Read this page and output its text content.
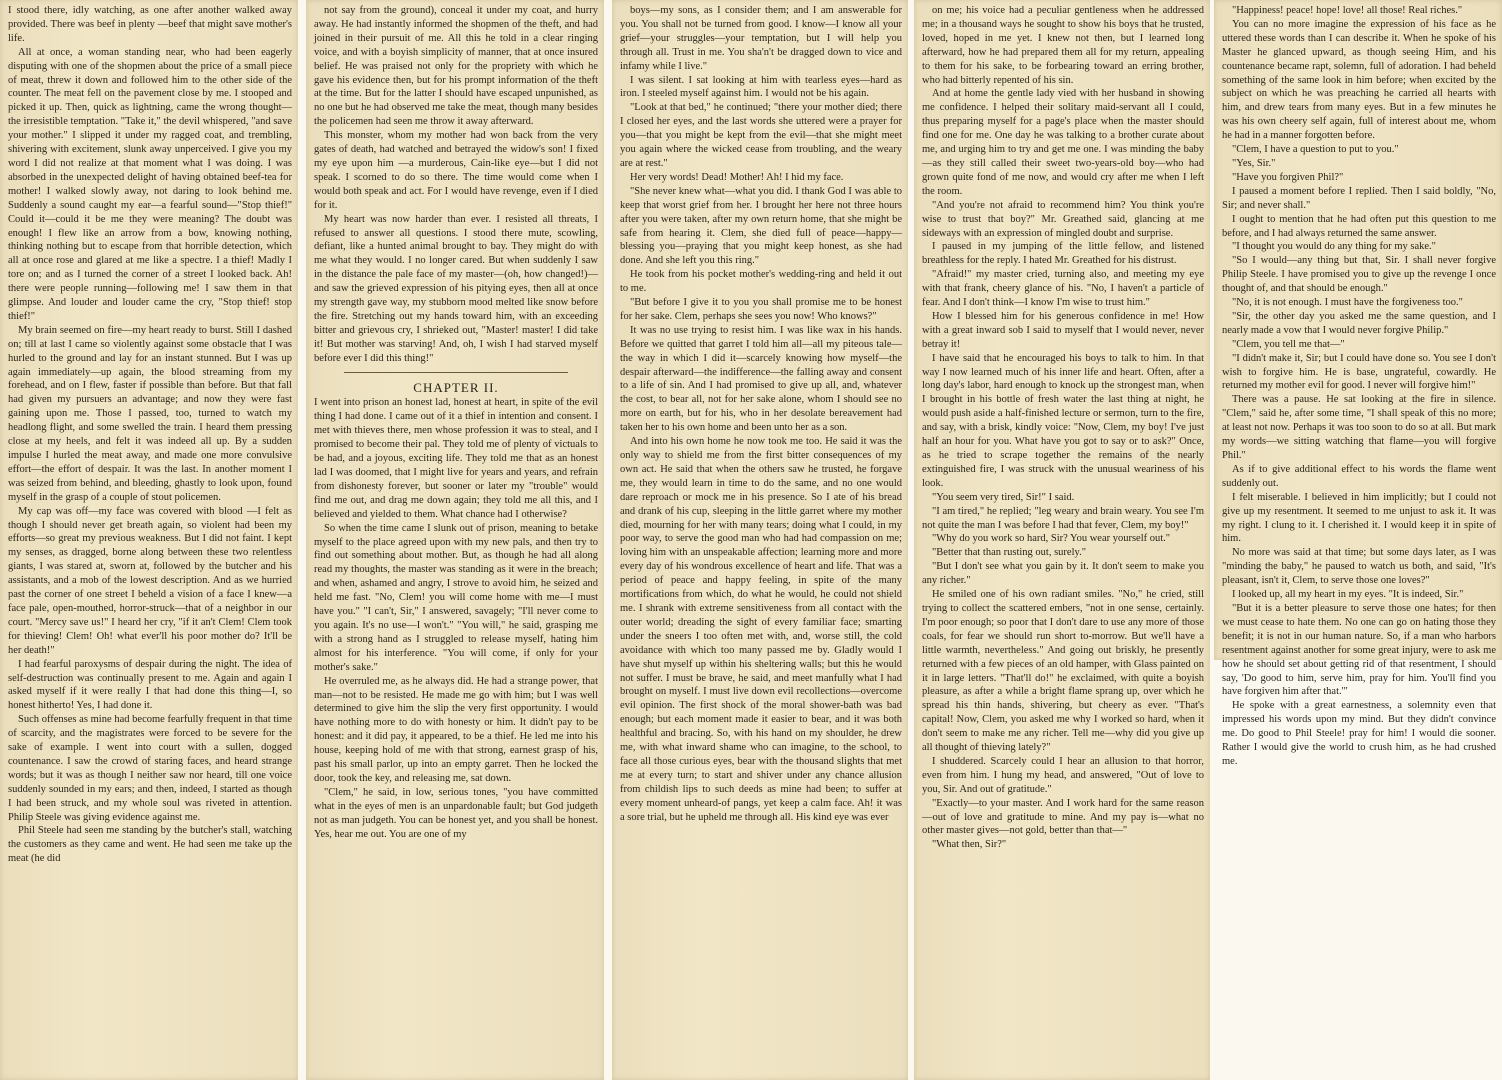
I stood there, idly watching, as one after another walked away provided. There was beef in plenty —beef that might save mother's life.

All at once, a woman standing near, who had been eagerly disputing with one of the shopmen about the price of a small piece of meat, threw it down and followed him to the other side of the counter. The meat fell on the pavement close by me. I stooped and picked it up. Then, quick as lightning, came the wrong thought—the irresistible temptation. "Take it," the devil whispered, "and save your mother." I slipped it under my ragged coat, and trembling, shivering with excitement, slunk away unperceived. I give you my word I did not realize at that moment what I was doing. I was absorbed in the unexpected delight of having obtained beef-tea for mother! I walked slowly away, not daring to look behind me. Suddenly a sound caught my ear—a fearful sound—"Stop thief!" Could it—could it be me they were meaning? The doubt was enough! I flew like an arrow from a bow, knowing nothing, thinking nothing but to escape from that horrible detection, which all at once rose and glared at me like a spectre. I a thief! Madly I tore on; and as I turned the corner of a street I looked back. Ah! there were people running—following me! I saw them in that glimpse. And louder and louder came the cry, "Stop thief! stop thief!"

My brain seemed on fire—my heart ready to burst. Still I dashed on; till at last I came so violently against some obstacle that I was hurled to the ground and lay for an instant stunned. But I was up again immediately—up again, the blood streaming from my forehead, and on I flew, faster if possible than before. But that fall had given my pursuers an advantage; and now they were fast gaining upon me. Those I passed, too, turned to watch my headlong flight, and some swelled the train. I heard them pressing close at my heels, and felt it was indeed all up. By a sudden impulse I hurled the meat away, and made one more convulsive effort—the effort of despair. It was the last. In another moment I was seized from behind, and bleeding, ghastly to look upon, found myself in the grasp of a couple of stout policemen.

My cap was off—my face was covered with blood —I felt as though I should never get breath again, so violent had been my efforts—so great my previous weakness. But I did not faint. I kept my senses, as dragged, borne along between these two relentless giants, I was stared at, sworn at, followed by the butcher and his assistants, and a mob of the lowest description. And as we hurried past the corner of one street I beheld a vision of a face I knew—a face pale, open-mouthed, horror-struck—that of a neighbor in our court. "Mercy save us!" I heard her cry, "if it an't Clem! Clem took for thieving! Clem! Oh! what ever'll his poor mother do? It'll be her death!"

I had fearful paroxysms of despair during the night. The idea of self-destruction was continually present to me. Again and again I asked myself if it were really I that had done this thing—I, so honest hitherto! Yes, I had done it.

Such offenses as mine had become fearfully frequent in that time of scarcity, and the magistrates were forced to be severe for the sake of example. I went into court with a sullen, dogged countenance. I saw the crowd of staring faces, and heard strange words; but it was as though I neither saw nor heard, till one voice suddenly sounded in my ears; and then, indeed, I started as though I had been struck, and my whole soul was riveted in attention. Philip Steele was giving evidence against me.

Phil Steele had seen me standing by the butcher's stall, watching the customers as they came and went. He had seen me take up the meat (he did

not say from the ground), conceal it under my coat, and hurry away. He had instantly informed the shopmen of the theft, and had joined in their pursuit of me. All this he told in a clear ringing voice, and with a boyish simplicity of manner, that at once insured belief. He was praised not only for the propriety with which he gave his evidence then, but for his prompt information of the theft at the time. But for the latter I should have escaped unpunished, as no one but he had observed me take the meat, though many besides the policemen had seen me throw it away afterward.

This monster, whom my mother had won back from the very gates of death, had watched and betrayed the widow's son! I fixed my eye upon him —a murderous, Cain-like eye—but I did not speak. I scorned to do so there. The time would come when I would both speak and act. For I would have revenge, even if I died for it.

My heart was now harder than ever. I resisted all threats, I refused to answer all questions. I stood there mute, scowling, defiant, like a hunted animal brought to bay. They might do with me what they would. I no longer cared. But when suddenly I saw in the distance the pale face of my master—(oh, how changed!)—and saw the grieved expression of his pitying eyes, then all at once my strength gave way, my stubborn mood melted like snow before the fire. Stretching out my hands toward him, with an exceeding bitter and grievous cry, I shrieked out, "Master! master! I did take it! But mother was starving! And, oh, I wish I had starved myself before ever I did this thing!"

CHAPTER II.

I went into prison an honest lad, honest at heart, in spite of the evil thing I had done. I came out of it a thief in intention and consent. I met with thieves there, men whose profession it was to steal, and I promised to become their pal. They told me of plenty of victuals to be had, and a joyous, exciting life. They told me that as an honest lad I was doomed, that I might live for years and years, and refrain from dishonesty forever, but sooner or later my "trouble" would find me out, and drag me down again; they told me all this, and I believed and yielded to them. What chance had I otherwise?

So when the time came I slunk out of prison, meaning to betake myself to the place agreed upon with my new pals, and then try to find out something about mother. But, as though he had all along read my thoughts, the master was standing as it were in the breach; and when, ashamed and angry, I strove to avoid him, he seized and held me fast. "No, Clem! you will come home with me—I must have you." "I can't, Sir," I answered, savagely; "I'll never come to you again. It's no use—I won't." "You will," he said, grasping me with a strong hand as I struggled to release myself, hating him almost for his interference. "You will come, if only for your mother's sake."

He overruled me, as he always did. He had a strange power, that man—not to be resisted. He made me go with him; but I was well determined to give him the slip the very first opportunity. I would have nothing more to do with honesty or him. It didn't pay to be honest: and it did pay, it appeared, to be a thief. He led me into his house, keeping hold of me with that strong, earnest grasp of his, past his small parlor, up into an empty garret. Then he locked the door, took the key, and releasing me, sat down.

"Clem," he said, in low, serious tones, "you have committed what in the eyes of men is an unpardonable fault; but God judgeth not as man judgeth. You can be honest yet, and you shall be honest. Yes, hear me out. You are one of my

boys—my sons, as I consider them; and I am answerable for you. You shall not be turned from good. I know—I know all your grief—your struggles—your temptation, but I will help you through all. Trust in me. You sha'n't be dragged down to vice and infamy while I live."

I was silent. I sat looking at him with tearless eyes—hard as iron. I steeled myself against him. I would not be his again.

"Look at that bed," he continued; "there your mother died; there I closed her eyes, and the last words she uttered were a prayer for you—that you might be kept from the evil—that she might meet you again where the wicked cease from troubling, and the weary are at rest."

Her very words! Dead! Mother! Ah! I hid my face.

"She never knew what—what you did. I thank God I was able to keep that worst grief from her. I brought her here not three hours after you were taken, after my own return home, that she might be safe from hearing it. Clem, she died full of peace—happy—blessing you—praying that you might keep honest, as she had done. And she left you this ring."

He took from his pocket mother's wedding-ring and held it out to me.

"But before I give it to you you shall promise me to be honest for her sake. Clem, perhaps she sees you now! Who knows?"

It was no use trying to resist him. I was like wax in his hands. Before we quitted that garret I told him all—all my piteous tale—the way in which I did it—scarcely knowing how myself—the despair afterward—the indifference—the falling away and consent to a life of sin. And I had promised to give up all, and, whatever the cost, to bear all, not for her sake alone, whom I should see no more on earth, but for his, who in her desolate bereavement had taken her to his own home and been unto her as a son.

And into his own home he now took me too. He said it was the only way to shield me from the first bitter consequences of my own act. He said that when the others saw he trusted, he forgave me, they would learn in time to do the same, and no one would dare reproach or mock me in his presence. So I ate of his bread and drank of his cup, sleeping in the little garret where my mother died, mourning for her with many tears; doing what I could, in my poor way, to serve the good man who had had compassion on me; loving him with an unspeakable affection; learning more and more every day of his wondrous excellence of heart and life. That was a period of peace and happy feeling, in spite of the many mortifications from which, do what he would, he could not shield me. I shrank with extreme sensitiveness from all contact with the outer world; dreading the sight of every familiar face; smarting under the sneers I too often met with, and, worse still, the cold avoidance with which too many passed me by. Gladly would I have shut myself up within his sheltering walls; but this he would not suffer. I must be brave, he said, and meet manfully what I had brought on myself. I must live down evil recollections—overcome evil opinion. The first shock of the moral shower-bath was bad enough; but each moment made it easier to bear, and it was both healthful and bracing. So, with his hand on my shoulder, he drew me, with what inward shame who can imagine, to the school, to face all those curious eyes, bear with the thousand slights that met me at every turn; to start and shiver under any chance allusion from childish lips to such deeds as mine had been; to suffer at every moment unheard-of pangs, yet keep a calm face. Ah! it was a sore trial, but he upheld me through all. His kind eye was ever

on me; his voice had a peculiar gentleness when he addressed me; in a thousand ways he sought to show his boys that he trusted, loved, hoped in me yet. I knew not then, but I learned long afterward, how he had prepared them all for my return, appealing to them for his sake, to be forbearing toward an erring brother, who had bitterly repented of his sin.

And at home the gentle lady vied with her husband in showing me confidence. I helped their solitary maid-servant all I could, thus preparing myself for a page's place when the master should find one for me. One day he was talking to a brother curate about me, and urging him to try and get me one. I was minding the baby—as they still called their sweet two-years-old boy—who had grown quite fond of me now, and would cry after me when I left the room.

"And you're not afraid to recommend him? You think you're wise to trust that boy?" Mr. Greathed said, glancing at me sideways with an expression of mingled doubt and surprise.

I paused in my jumping of the little fellow, and listened breathless for the reply. I hated Mr. Greathed for his distrust.

"Afraid!" my master cried, turning also, and meeting my eye with that frank, cheery glance of his. "No, I haven't a particle of fear. And I don't think—I know I'm wise to trust him."

How I blessed him for his generous confidence in me! How with a great inward sob I said to myself that I would never, never betray it!

I have said that he encouraged his boys to talk to him. In that way I now learned much of his inner life and heart. Often, after a long day's labor, hard enough to knock up the strongest man, when I brought in his bottle of fresh water the last thing at night, he would push aside a half-finished lecture or sermon, turn to the fire, and say, with a brisk, kindly voice: "Now, Clem, my boy! I've just half an hour for you. What have you got to say or to ask?" Once, as he tried to scrape together the remains of the nearly extinguished fire, I was struck with the unusual weariness of his look.

"You seem very tired, Sir!" I said.

"I am tired," he replied; "leg weary and brain weary. You see I'm not quite the man I was before I had that fever, Clem, my boy!"

"Why do you work so hard, Sir? You wear yourself out."

"Better that than rusting out, surely."

"But I don't see what you gain by it. It don't seem to make you any richer."

He smiled one of his own radiant smiles. "No," he cried, still trying to collect the scattered embers, "not in one sense, certainly. I'm poor enough; so poor that I don't dare to use any more of those coals, for fear we should run short to-morrow. But we'll have a little warmth, nevertheless." And going out briskly, he presently returned with a few pieces of an old hamper, with Glass painted on it in large letters. "That'll do!" he exclaimed, with quite a boyish pleasure, as after a while a bright flame sprang up, over which he spread his thin hands, shivering, but cheery as ever. "That's capital! Now, Clem, you asked me why I worked so hard, when it don't seem to make me any richer. Tell me—why did you give up all thought of thieving lately?"

I shuddered. Scarcely could I hear an allusion to that horror, even from him. I hung my head, and answered, "Out of love to you, Sir. And out of gratitude."

"Exactly—to your master. And I work hard for the same reason—out of love and gratitude to mine. And my pay is—what no other master gives—not gold, better than that—"

"What then, Sir?"

"Happiness! peace! hope! love! all those! Real riches."

You can no more imagine the expression of his face as he uttered these words than I can describe it. When he spoke of his Master he glanced upward, as though seeing Him, and his countenance became rapt, solemn, full of adoration. I had beheld something of the same look in him before; when excited by the subject on which he was preaching he carried all hearts with him, and drew tears from many eyes. But in a few minutes he was his own cheery self again, full of interest about me, whom he had in a manner forgotten before.

"Clem, I have a question to put to you."

"Yes, Sir."

"Have you forgiven Phil?"

I paused a moment before I replied. Then I said boldly, "No, Sir; and never shall."

I ought to mention that he had often put this question to me before, and I had always returned the same answer.

"I thought you would do any thing for my sake."

"So I would—any thing but that, Sir. I shall never forgive Philip Steele. I have promised you to give up the revenge I once thought of, and that should be enough."

"No, it is not enough. I must have the forgiveness too."

"Sir, the other day you asked me the same question, and I nearly made a vow that I would never forgive Philip."

"Clem, you tell me that—"

"I didn't make it, Sir; but I could have done so. You see I don't wish to forgive him. He is base, ungrateful, cowardly. He returned my mother evil for good. I never will forgive him!"

There was a pause. He sat looking at the fire in silence. "Clem," said he, after some time, "I shall speak of this no more; at least not now. Perhaps it was too soon to do so at all. But mark my words—we sitting watching that flame—you will forgive Phil."

As if to give additional effect to his words the flame went suddenly out.

I felt miserable. I believed in him implicitly; but I could not give up my resentment. It seemed to me unjust to ask it. It was my right. I clung to it. I cherished it. I would keep it in spite of him.

No more was said at that time; but some days later, as I was "minding the baby," he paused to watch us both, and said, "It's pleasant, isn't it, Clem, to serve those one loves?"

I looked up, all my heart in my eyes. "It is indeed, Sir."

"But it is a better pleasure to serve those one hates; for then we must cease to hate them. No one can go on hating those they benefit; it is not in our human nature. So, if a man who harbors resentment against another for some great injury, were to ask me how he should set about getting rid of that resentment, I should say, 'Do good to him, serve him, pray for him. You'll find you have forgiven him after that.'"

He spoke with a great earnestness, a solemnity even that impressed his words upon my mind. But they didn't convince me. Do good to Phil Steele! pray for him! I would die sooner. Rather I would give the world to crush him, as he had crushed me.
